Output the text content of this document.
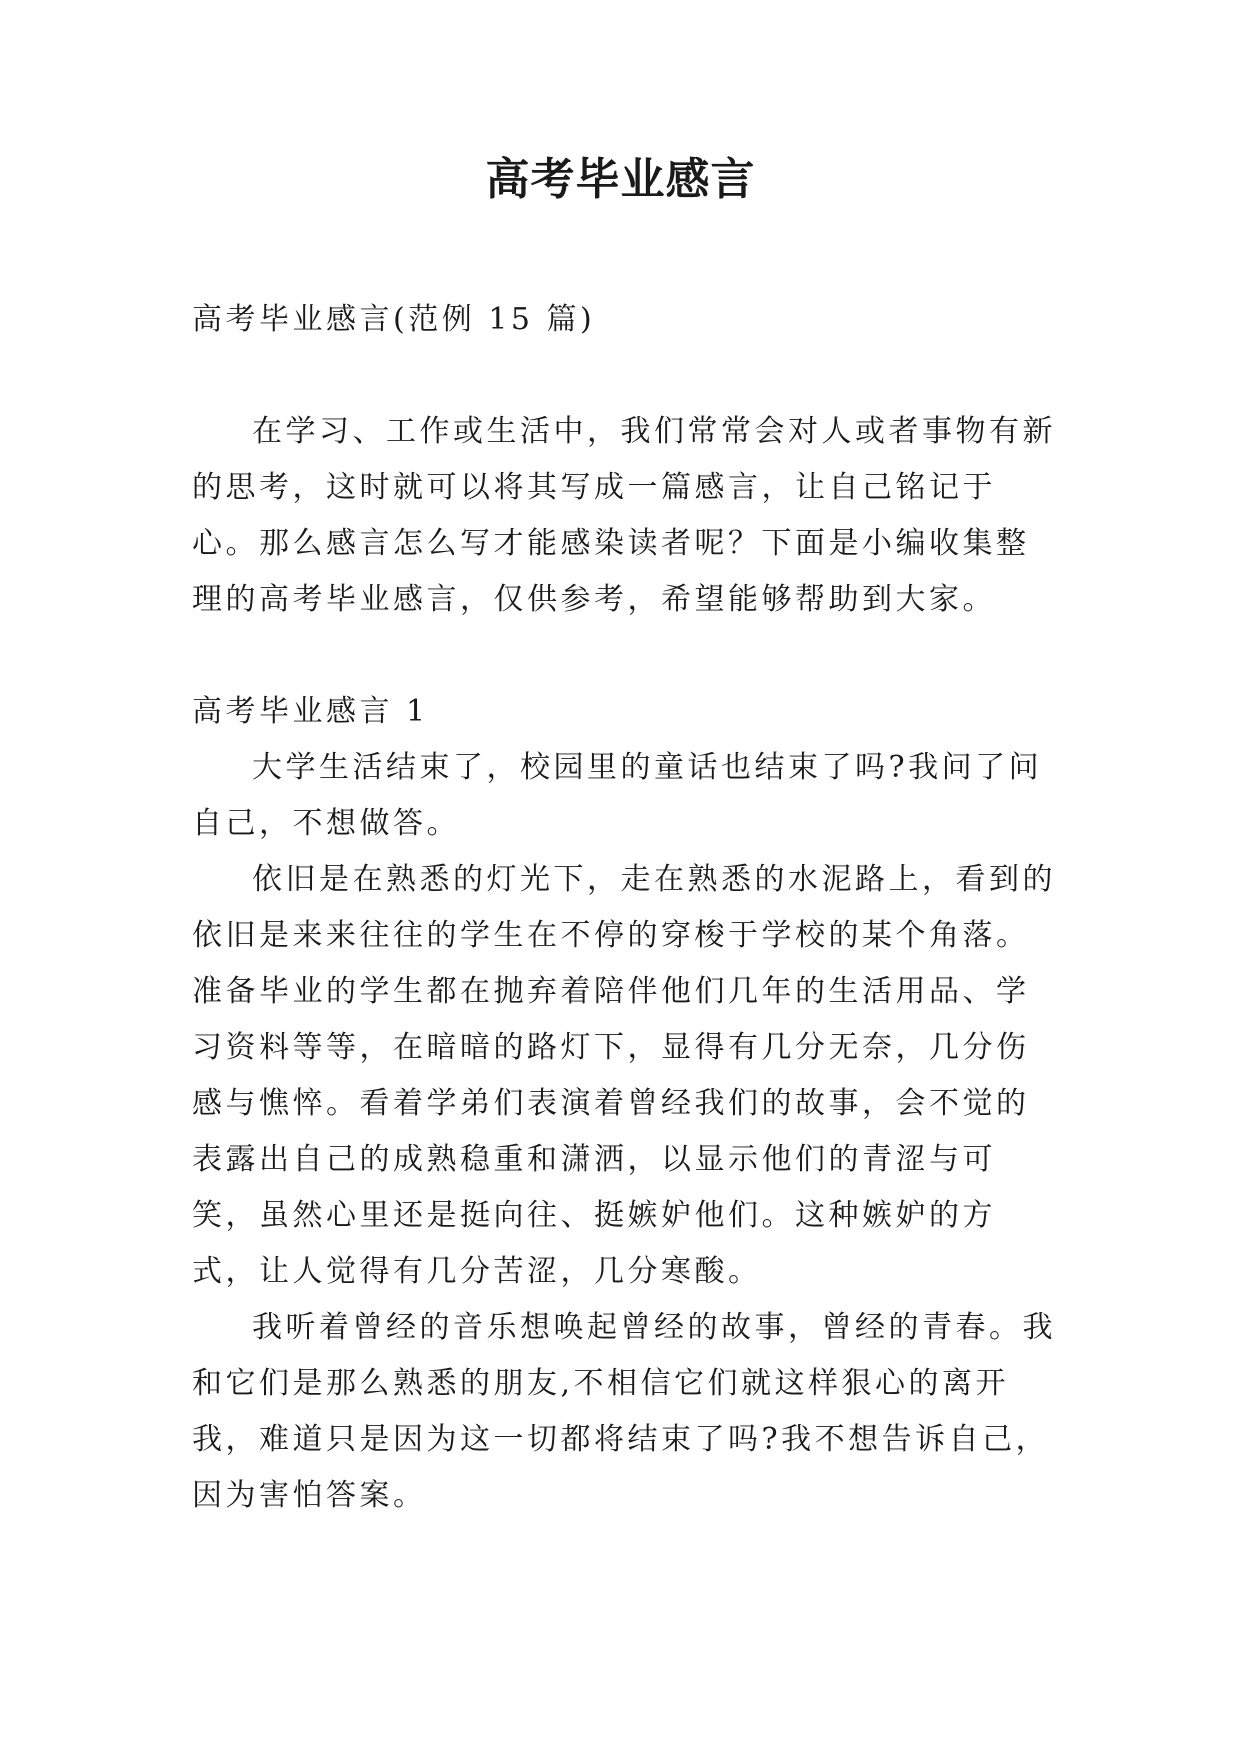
高考毕业感言

高考毕业感言(范例 15 篇)

在学习、工作或生活中，我们常常会对人或者事物有新的思考，这时就可以将其写成一篇感言，让自己铭记于心。那么感言怎么写才能感染读者呢？下面是小编收集整理的高考毕业感言，仅供参考，希望能够帮助到大家。

高考毕业感言 1

大学生活结束了，校园里的童话也结束了吗?我问了问自己，不想做答。

依旧是在熟悉的灯光下，走在熟悉的水泥路上，看到的依旧是来来往往的学生在不停的穿梭于学校的某个角落。准备毕业的学生都在抛弃着陪伴他们几年的生活用品、学习资料等等，在暗暗的路灯下，显得有几分无奈，几分伤感与憔悴。看着学弟们表演着曾经我们的故事，会不觉的表露出自己的成熟稳重和潇洒，以显示他们的青涩与可笑，虽然心里还是挺向往、挺嫉妒他们。这种嫉妒的方式，让人觉得有几分苦涩，几分寒酸。

我听着曾经的音乐想唤起曾经的故事，曾经的青春。我和它们是那么熟悉的朋友,不相信它们就这样狠心的离开我，难道只是因为这一切都将结束了吗?我不想告诉自己，因为害怕答案。
